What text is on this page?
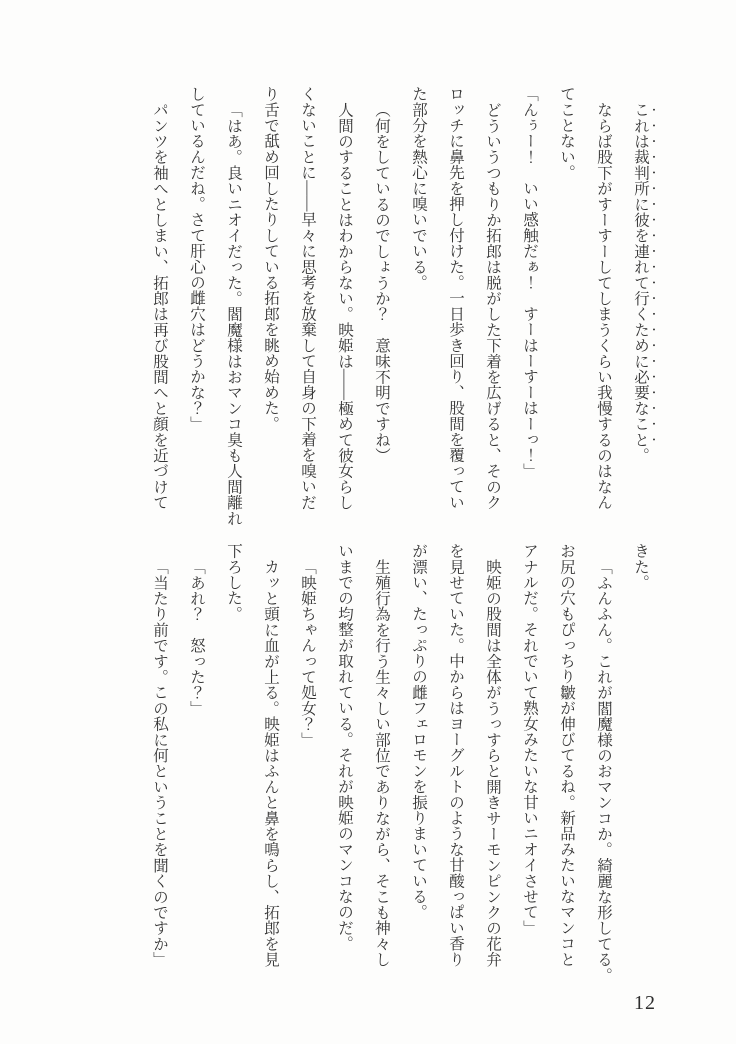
これは裁判所に彼を連れて行くために必要なこと。

ならば股下がすーすーしてしまうくらい我慢するのはなん

てことない。

「んぅー！　いい感触だぁ！　すーはーすーはーっ！」

どういうつもりか拓郎は脱がした下着を広げると、そのク

ロッチに鼻先を押し付けた。一日歩き回り、股間を覆ってい

た部分を熱心に嗅いでいる。

（何をしているのでしょうか？　意味不明ですね）

人間のすることはわからない。映姫は――極めて彼女らし

くないことに――早々に思考を放棄して自身の下着を嗅いだ

り舌で舐め回したりしている拓郎を眺め始めた。

「はあ。良いニオイだった。閻魔様はおマンコ臭も人間離れ

しているんだね。さて肝心の雌穴はどうかな？」

パンツを袖へとしまい、拓郎は再び股間へと顔を近づけて

きた。

「ふんふん。これが閻魔様のおマンコか。綺麗な形してる。

お尻の穴もぴっちり皺が伸びてるね。新品みたいなマンコと

アナルだ。それでいて熟女みたいな甘いニオイさせて」

映姫の股間は全体がうっすらと開きサーモンピンクの花弁

を見せていた。中からはヨーグルトのような甘酸っぱい香り

が漂い、たっぷりの雌フェロモンを振りまいている。

生殖行為を行う生々しい部位でありながら、そこも神々し

いまでの均整が取れている。それが映姫のマンコなのだ。

「映姫ちゃんって処女？」

カッと頭に血が上る。映姫はふんと鼻を鳴らし、拓郎を見

下ろした。

「あれ？　怒った？」

「当たり前です。この私に何ということを聞くのですか」

12
